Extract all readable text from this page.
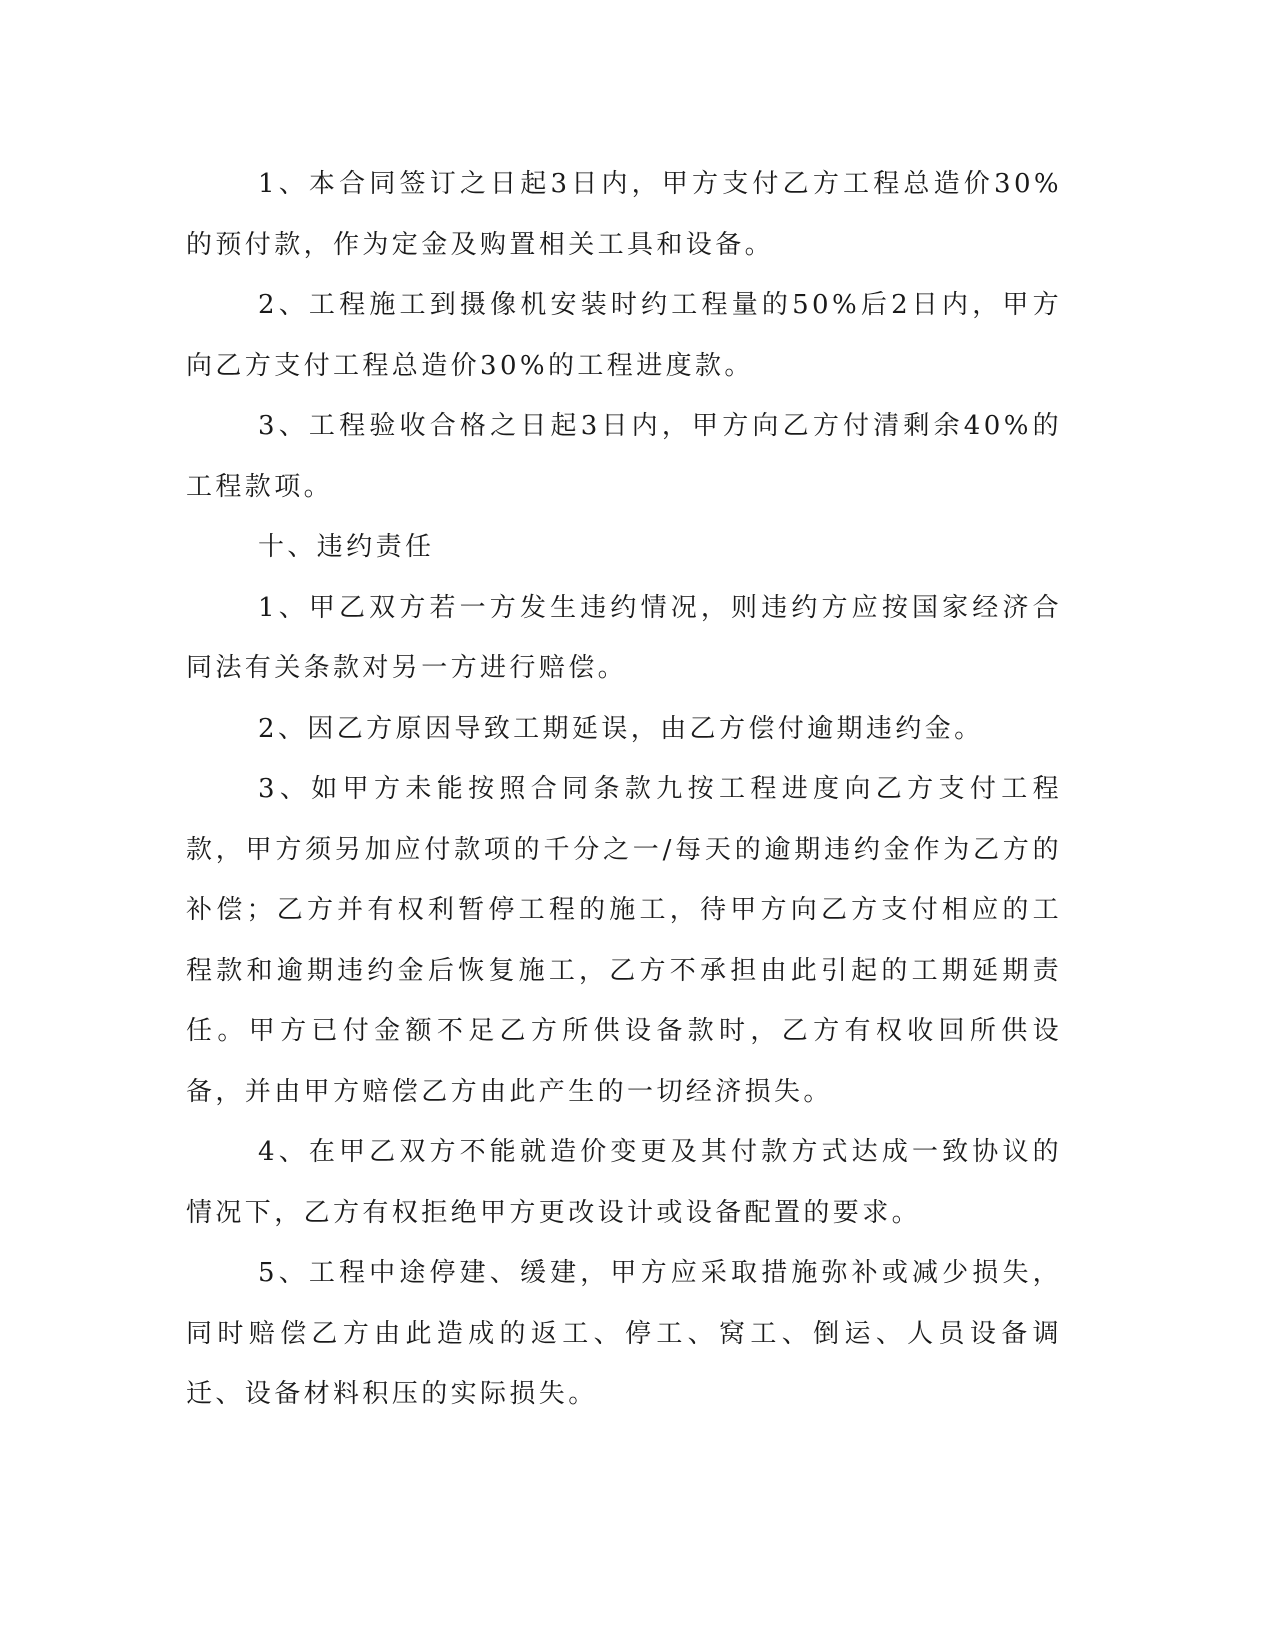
1、本合同签订之日起3日内，甲方支付乙方工程总造价30%的预付款，作为定金及购置相关工具和设备。

2、工程施工到摄像机安装时约工程量的50%后2日内，甲方向乙方支付工程总造价30%的工程进度款。

3、工程验收合格之日起3日内，甲方向乙方付清剩余40%的工程款项。

十、违约责任

1、甲乙双方若一方发生违约情况，则违约方应按国家经济合同法有关条款对另一方进行赔偿。

2、因乙方原因导致工期延误，由乙方偿付逾期违约金。

3、如甲方未能按照合同条款九按工程进度向乙方支付工程款，甲方须另加应付款项的千分之一/每天的逾期违约金作为乙方的补偿；乙方并有权利暂停工程的施工，待甲方向乙方支付相应的工程款和逾期违约金后恢复施工，乙方不承担由此引起的工期延期责任。甲方已付金额不足乙方所供设备款时，乙方有权收回所供设备，并由甲方赔偿乙方由此产生的一切经济损失。

4、在甲乙双方不能就造价变更及其付款方式达成一致协议的情况下，乙方有权拒绝甲方更改设计或设备配置的要求。

5、工程中途停建、缓建，甲方应采取措施弥补或减少损失，同时赔偿乙方由此造成的返工、停工、窝工、倒运、人员设备调迁、设备材料积压的实际损失。
